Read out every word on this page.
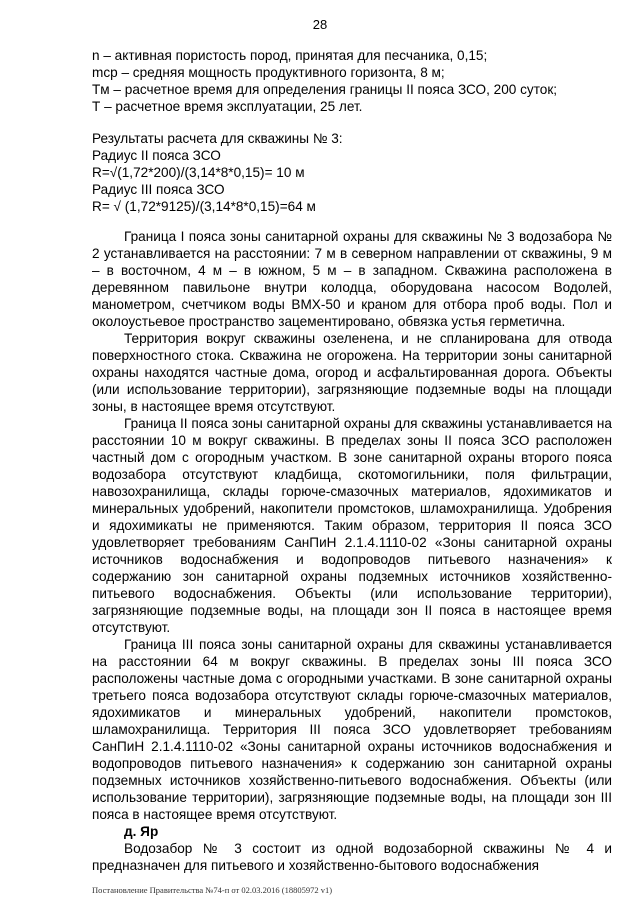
28
n – активная пористость пород, принятая для песчаника, 0,15;
mср – средняя мощность продуктивного горизонта, 8 м;
Tм – расчетное время для определения границы II пояса ЗСО, 200 суток;
Т – расчетное время эксплуатации, 25 лет.
Результаты расчета для скважины № 3:
Радиус II пояса ЗСО
R=√(1,72*200)/(3,14*8*0,15)= 10 м
Радиус III пояса ЗСО
R= √ (1,72*9125)/(3,14*8*0,15)=64 м

Граница I пояса зоны санитарной охраны для скважины № 3 водозабора № 2 устанавливается на расстоянии: 7 м в северном направлении от скважины, 9 м – в восточном, 4 м – в южном, 5 м – в западном. Скважина расположена в деревянном павильоне внутри колодца, оборудована насосом Водолей, манометром, счетчиком воды ВМХ-50 и краном для отбора проб воды. Пол и околоустьевое пространство зацементировано, обвязка устья герметична.

Территория вокруг скважины озеленена, и не спланирована для отвода поверхностного стока. Скважина не огорожена. На территории зоны санитарной охраны находятся частные дома, огород и асфальтированная дорога. Объекты (или использование территории), загрязняющие подземные воды на площади зоны, в настоящее время отсутствуют.

Граница II пояса зоны санитарной охраны для скважины устанавливается на расстоянии 10 м вокруг скважины. В пределах зоны II пояса ЗСО расположен частный дом с огородным участком. В зоне санитарной охраны второго пояса водозабора отсутствуют кладбища, скотомогильники, поля фильтрации, навозохранилища, склады горюче-смазочных материалов, ядохимикатов и минеральных удобрений, накопители промстоков, шламохранилища. Удобрения и ядохимикаты не применяются. Таким образом, территория II пояса ЗСО удовлетворяет требованиям СанПиН 2.1.4.1110-02 «Зоны санитарной охраны источников водоснабжения и водопроводов питьевого назначения» к содержанию зон санитарной охраны подземных источников хозяйственно-питьевого водоснабжения. Объекты (или использование территории), загрязняющие подземные воды, на площади зон II пояса в настоящее время отсутствуют.

Граница III пояса зоны санитарной охраны для скважины устанавливается на расстоянии 64 м вокруг скважины. В пределах зоны III пояса ЗСО расположены частные дома с огородными участками. В зоне санитарной охраны третьего пояса водозабора отсутствуют склады горюче-смазочных материалов, ядохимикатов и минеральных удобрений, накопители промстоков, шламохранилища. Территория III пояса ЗСО удовлетворяет требованиям СанПиН 2.1.4.1110-02 «Зоны санитарной охраны источников водоснабжения и водопроводов питьевого назначения» к содержанию зон санитарной охраны подземных источников хозяйственно-питьевого водоснабжения. Объекты (или использование территории), загрязняющие подземные воды, на площади зон III пояса в настоящее время отсутствуют.

д. Яр

Водозабор № 3 состоит из одной водозаборной скважины № 4 и предназначен для питьевого и хозяйственно-бытового водоснабжения

Постановление Правительства №74-п от 02.03.2016 (18805972 v1)
